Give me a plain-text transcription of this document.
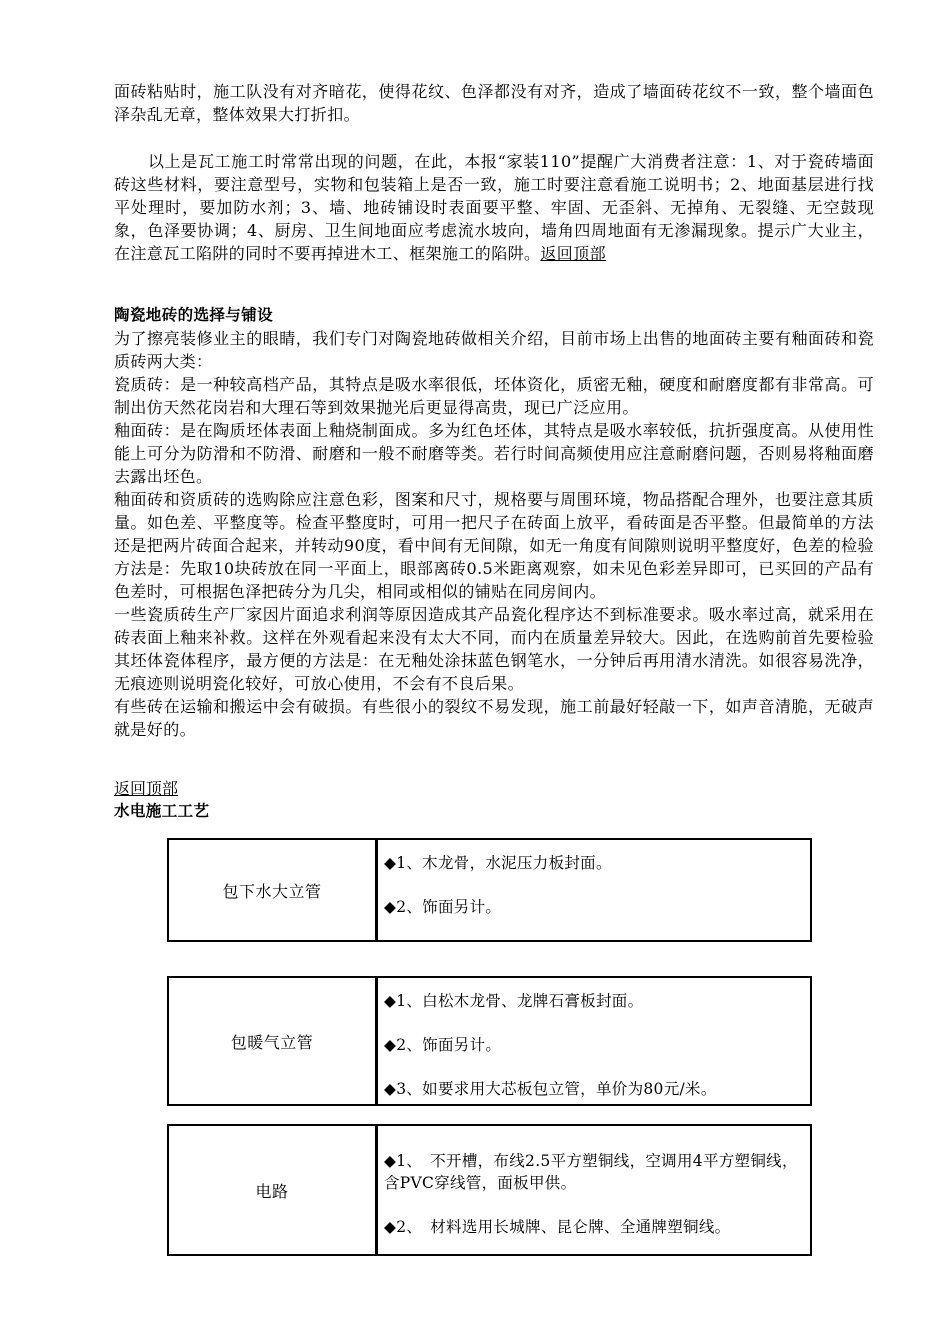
面砖粘贴时，施工队没有对齐暗花，使得花纹、色泽都没有对齐，造成了墙面砖花纹不一致，整个墙面色泽杂乱无章，整体效果大打折扣。

以上是瓦工施工时常常出现的问题，在此，本报“家装110”提醒广大消费者注意：1、对于瓷砖墙面砖这些材料，要注意型号，实物和包装箱上是否一致，施工时要注意看施工说明书；2、地面基层进行找平处理时，要加防水剂；3、墙、地砖铺设时表面要平整、牢固、无歪斜、无掉角、无裂缝、无空鼓现象，色泽要协调；4、厨房、卫生间地面应考虑流水坡向，墙角四周地面有无渗漏现象。提示广大业主，在注意瓦工陷阱的同时不要再掉进木工、框架施工的陷阱。返回顶部

陶瓷地砖的选择与铺设

为了擦亮装修业主的眼睛，我们专门对陶瓷地砖做相关介绍，目前市场上出售的地面砖主要有釉面砖和瓷质砖两大类：

瓷质砖：是一种较高档产品，其特点是吸水率很低，坯体资化，质密无釉，硬度和耐磨度都有非常高。可制出仿天然花岗岩和大理石等到效果抛光后更显得高贵，现已广泛应用。

釉面砖：是在陶质坯体表面上釉烧制面成。多为红色坯体，其特点是吸水率较低，抗折强度高。从使用性能上可分为防滑和不防滑、耐磨和一般不耐磨等类。若行时间高频使用应注意耐磨问题，否则易将釉面磨去露出坯色。

釉面砖和资质砖的选购除应注意色彩，图案和尺寸，规格要与周围环境，物品搭配合理外，也要注意其质量。如色差、平整度等。检查平整度时，可用一把尺子在砖面上放平，看砖面是否平整。但最简单的方法还是把两片砖面合起来，并转动90度，看中间有无间隙，如无一角度有间隙则说明平整度好，色差的检验方法是：先取10块砖放在同一平面上，眼部离砖0.5米距离观察，如未见色彩差异即可，已买回的产品有色差时，可根据色泽把砖分为几尖，相同或相似的铺贴在同房间内。

一些瓷质砖生产厂家因片面追求利润等原因造成其产品瓷化程序达不到标准要求。吸水率过高，就采用在砖表面上釉来补救。这样在外观看起来没有太大不同，而内在质量差异较大。因此，在选购前首先要检验其坯体瓷体程序，最方便的方法是：在无釉处涂抹蓝色钢笔水，一分钟后再用清水清洗。如很容易洗净，无痕迹则说明瓷化较好，可放心使用，不会有不良后果。

有些砖在运输和搬运中会有破损。有些很小的裂纹不易发现，施工前最好轻敲一下，如声音清脆，无破声就是好的。

返回顶部
水电施工工艺
包下水大立管
◆1、木龙骨，水泥压力板封面。
◆2、饰面另计。
包暖气立管
◆1、白松木龙骨、龙牌石膏板封面。
◆2、饰面另计。
◆3、如要求用大芯板包立管，单价为80元/米。
电路
◆1、　不开槽，布线2.5平方塑铜线，空调用4平方塑铜线，含PVC穿线管，面板甲供。
◆2、　材料选用长城牌、昆仑牌、全通牌塑铜线。
